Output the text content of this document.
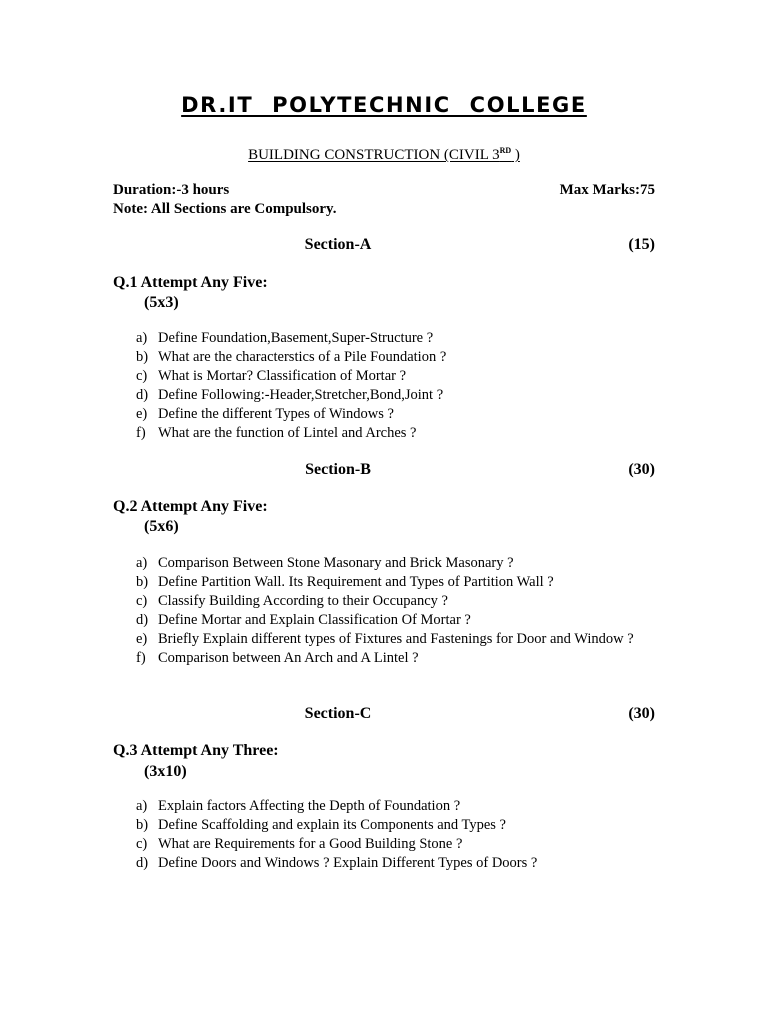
DR.IT POLYTECHNIC COLLEGE
BUILDING CONSTRUCTION (CIVIL 3RD )
Duration:-3 hours	Max Marks:75
Note: All Sections are Compulsory.
Section-A	(15)
Q.1 Attempt Any Five:
(5x3)
a) Define Foundation,Basement,Super-Structure ?
b) What are the characterstics of a Pile Foundation ?
c) What is Mortar? Classification of Mortar ?
d) Define Following:-Header,Stretcher,Bond,Joint ?
e) Define the different Types of Windows ?
f) What are the function of Lintel and Arches ?
Section-B	(30)
Q.2 Attempt Any Five:
(5x6)
a) Comparison Between Stone Masonary and Brick Masonary ?
b) Define Partition Wall. Its Requirement and Types of Partition Wall ?
c) Classify Building According to their Occupancy ?
d) Define Mortar and Explain Classification Of Mortar ?
e) Briefly Explain different types of Fixtures and Fastenings for Door and Window ?
f) Comparison between An Arch and A Lintel ?
Section-C	(30)
Q.3 Attempt Any Three:
(3x10)
a) Explain factors Affecting the Depth of Foundation ?
b) Define Scaffolding and explain its Components and Types ?
c) What are Requirements for a Good Building Stone ?
d) Define Doors and Windows ? Explain Different Types of Doors ?
